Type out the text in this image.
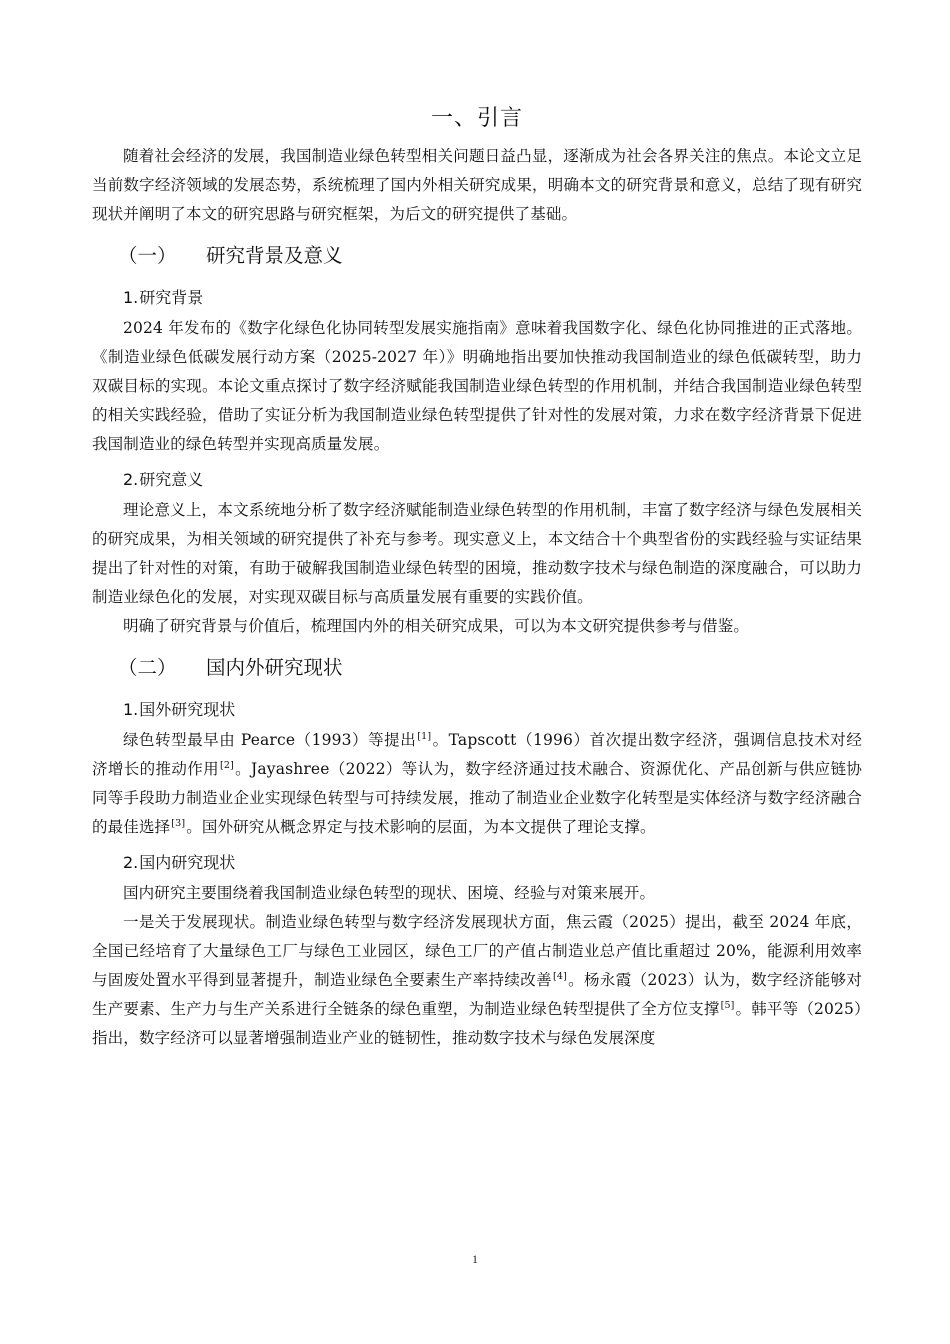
一、引言

随着社会经济的发展，我国制造业绿色转型相关问题日益凸显，逐渐成为社会各界关注的焦点。本论文立足当前数字经济领域的发展态势，系统梳理了国内外相关研究成果，明确本文的研究背景和意义，总结了现有研究现状并阐明了本文的研究思路与研究框架，为后文的研究提供了基础。

（一） 研究背景及意义
1.研究背景

2024 年发布的《数字化绿色化协同转型发展实施指南》意味着我国数字化、绿色化协同推进的正式落地。《制造业绿色低碳发展行动方案（2025-2027 年）》明确地指出要加快推动我国制造业的绿色低碳转型，助力双碳目标的实现。本论文重点探讨了数字经济赋能我国制造业绿色转型的作用机制，并结合我国制造业绿色转型的相关实践经验，借助了实证分析为我国制造业绿色转型提供了针对性的发展对策，力求在数字经济背景下促进我国制造业的绿色转型并实现高质量发展。

2.研究意义

理论意义上，本文系统地分析了数字经济赋能制造业绿色转型的作用机制，丰富了数字经济与绿色发展相关的研究成果，为相关领域的研究提供了补充与参考。现实意义上，本文结合十个典型省份的实践经验与实证结果提出了针对性的对策，有助于破解我国制造业绿色转型的困境，推动数字技术与绿色制造的深度融合，可以助力制造业绿色化的发展，对实现双碳目标与高质量发展有重要的实践价值。

明确了研究背景与价值后，梳理国内外的相关研究成果，可以为本文研究提供参考与借鉴。

（二） 国内外研究现状
1.国外研究现状

绿色转型最早由 Pearce（1993）等提出[1]。Tapscott（1996）首次提出数字经济，强调信息技术对经济增长的推动作用[2]。Jayashree（2022）等认为，数字经济通过技术融合、资源优化、产品创新与供应链协同等手段助力制造业企业实现绿色转型与可持续发展，推动了制造业企业数字化转型是实体经济与数字经济融合的最佳选择[3]。国外研究从概念界定与技术影响的层面，为本文提供了理论支撑。

2.国内研究现状

国内研究主要围绕着我国制造业绿色转型的现状、困境、经验与对策来展开。

一是关于发展现状。制造业绿色转型与数字经济发展现状方面，焦云霞（2025）提出，截至 2024 年底，全国已经培育了大量绿色工厂与绿色工业园区，绿色工厂的产值占制造业总产值比重超过 20%，能源利用效率与固废处置水平得到显著提升，制造业绿色全要素生产率持续改善[4]。杨永霞（2023）认为，数字经济能够对生产要素、生产力与生产关系进行全链条的绿色重塑，为制造业绿色转型提供了全方位支撑[5]。韩平等（2025）指出，数字经济可以显著增强制造业产业的链韧性，推动数字技术与绿色发展深度

1
